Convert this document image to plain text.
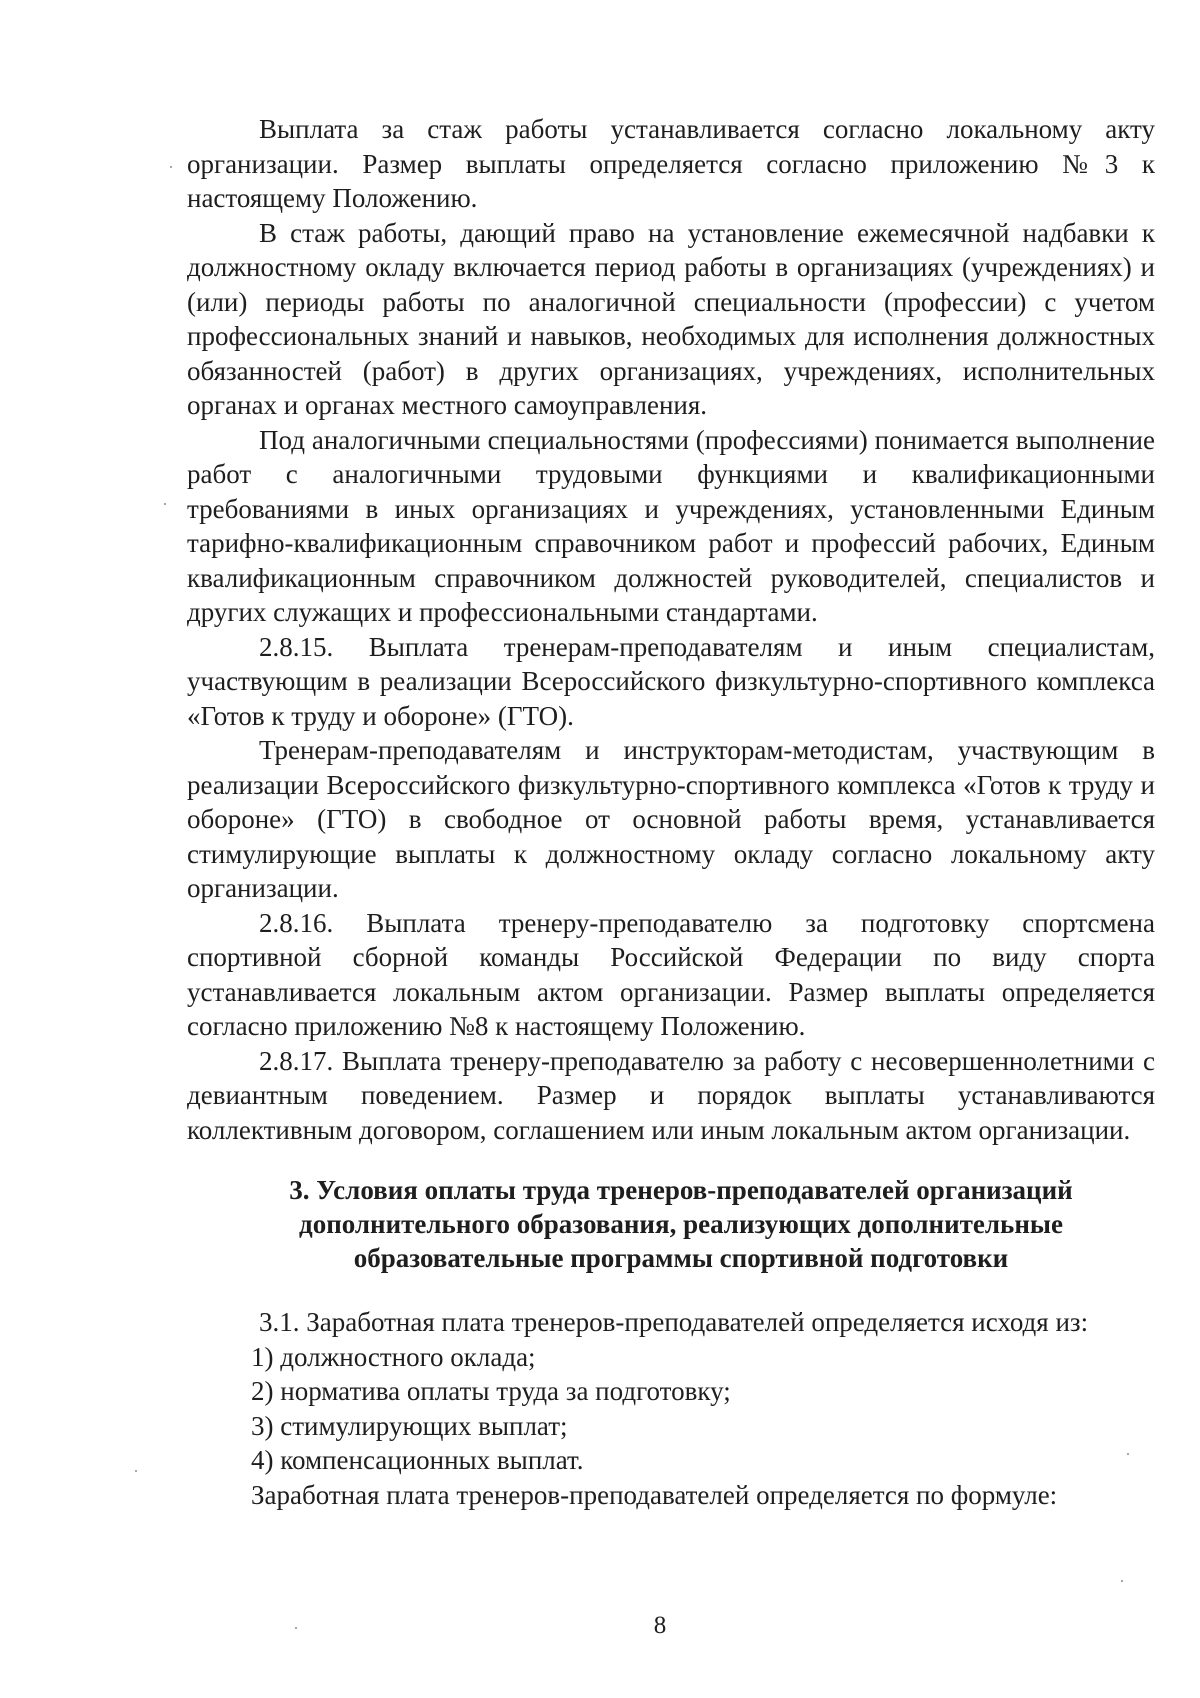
Выплата за стаж работы устанавливается согласно локальному акту организации. Размер выплаты определяется согласно приложению №3 к настоящему Положению.

В стаж работы, дающий право на установление ежемесячной надбавки к должностному окладу включается период работы в организациях (учреждениях) и (или) периоды работы по аналогичной специальности (профессии) с учетом профессиональных знаний и навыков, необходимых для исполнения должностных обязанностей (работ) в других организациях, учреждениях, исполнительных органах и органах местного самоуправления.

Под аналогичными специальностями (профессиями) понимается выполнение работ с аналогичными трудовыми функциями и квалификационными требованиями в иных организациях и учреждениях, установленными Единым тарифно-квалификационным справочником работ и профессий рабочих, Единым квалификационным справочником должностей руководителей, специалистов и других служащих и профессиональными стандартами.

2.8.15. Выплата тренерам-преподавателям и иным специалистам, участвующим в реализации Всероссийского физкультурно-спортивного комплекса «Готов к труду и обороне» (ГТО).

Тренерам-преподавателям и инструкторам-методистам, участвующим в реализации Всероссийского физкультурно-спортивного комплекса «Готов к труду и обороне» (ГТО) в свободное от основной работы время, устанавливается стимулирующие выплаты к должностному окладу согласно локальному акту организации.

2.8.16. Выплата тренеру-преподавателю за подготовку спортсмена спортивной сборной команды Российской Федерации по виду спорта устанавливается локальным актом организации. Размер выплаты определяется согласно приложению №8 к настоящему Положению.

2.8.17. Выплата тренеру-преподавателю за работу с несовершеннолетними с девиантным поведением. Размер и порядок выплаты устанавливаются коллективным договором, соглашением или иным локальным актом организации.

3. Условия оплаты труда тренеров-преподавателей организаций дополнительного образования, реализующих дополнительные образовательные программы спортивной подготовки

3.1. Заработная плата тренеров-преподавателей определяется исходя из:

1) должностного оклада;

2) норматива оплаты труда за подготовку;

3) стимулирующих выплат;

4) компенсационных выплат.

Заработная плата тренеров-преподавателей определяется по формуле:

8
